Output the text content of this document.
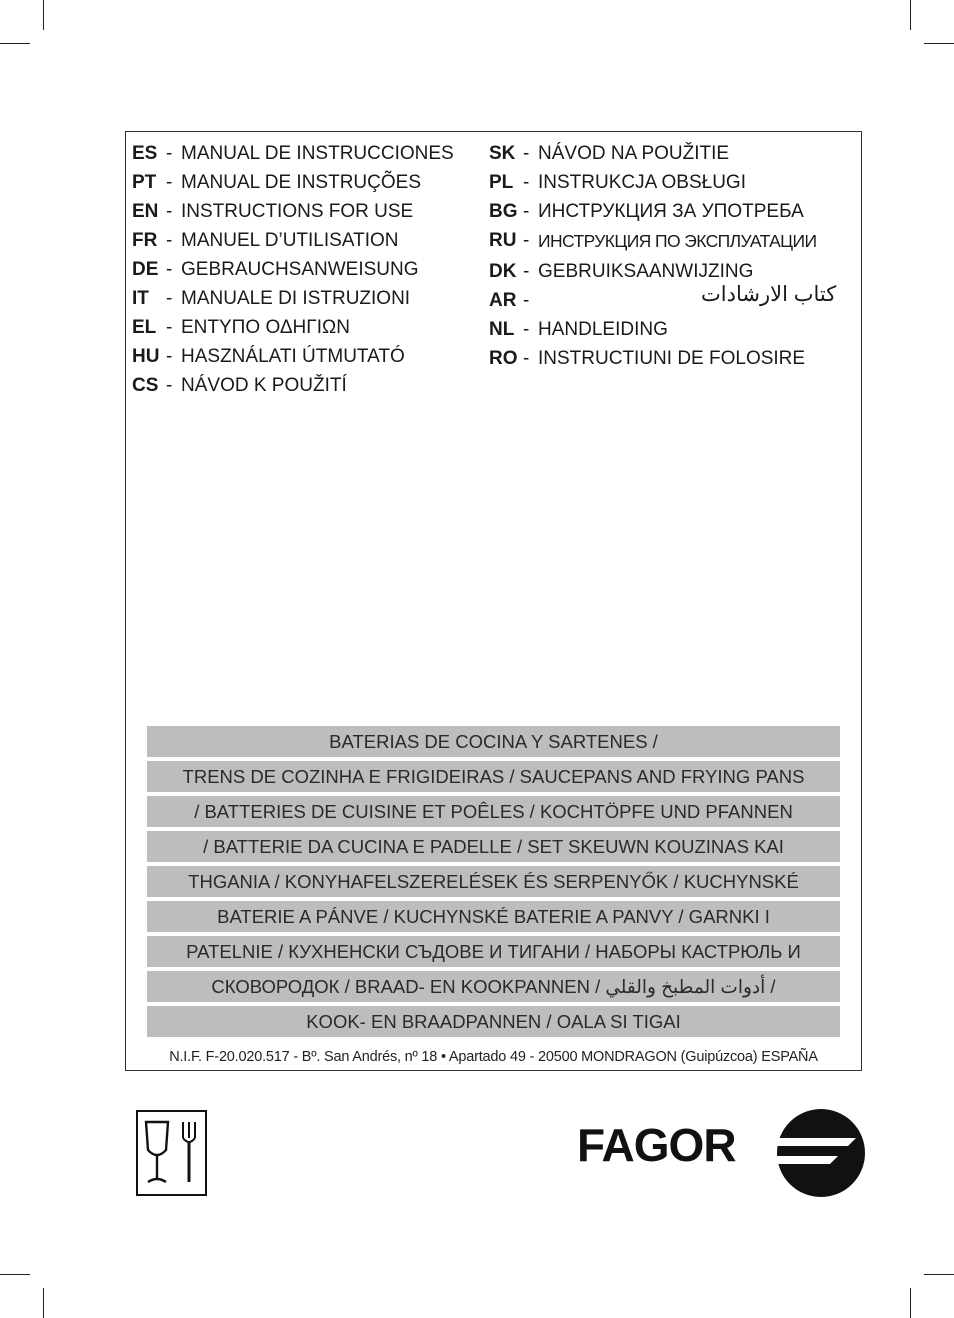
ES - MANUAL DE INSTRUCCIONES
PT - MANUAL DE INSTRUÇÕES
EN - INSTRUCTIONS FOR USE
FR - MANUEL D’UTILISATION
DE - GEBRAUCHSANWEISUNG
IT - MANUALE DI ISTRUZIONI
EL - ΕΝΤΥΠΟ ΟΔΗΓΙΩΝ
HU - HASZNÁLATI ÚTMUTATÓ
CS - NÁVOD K POUŽITÍ
SK - NÁVOD NA POUŽITIE
PL - INSTRUKCJA OBSŁUGI
BG - ИНСТРУКЦИЯ ЗА УПОТРЕБА
RU - ИНСТРУКЦИЯ ПО ЭКСПЛУАТАЦИИ
DK - GEBRUIKSAANWIJZING
AR -	كتاب الارشادات
NL - HANDLEIDING
RO - INSTRUCTIUNI DE FOLOSIRE
BATERIAS DE COCINA Y SARTENES /
TRENS DE COZINHA E FRIGIDEIRAS / SAUCEPANS AND FRYING PANS
/ BATTERIES DE CUISINE ET POÊLES / KOCHTÖPFE UND PFANNEN
/ BATTERIE DA CUCINA E PADELLE / SET SKEUWN KOUZINAS KAI
THGANIA / KONYHAFELSZERELÉSEK ÉS SERPENYŐK / KUCHYNSKÉ
BATERIE A PÁNVE / KUCHYNSKÉ BATERIE A PANVY / GARNKI I
PATELNIE / КУХНЕНСКИ СЪДОВЕ И ТИГАНИ / НАБОРЫ КАСТРЮЛЬ И
СКОВОРОДОК / BRAAD- EN KOOKPANNEN / أدوات المطبخ والقلي /
KOOK- EN BRAADPANNEN / OALA SI TIGAI
N.I.F. F-20.020.517 - Bº. San Andrés, nº 18 • Apartado 49 - 20500 MONDRAGON (Guipúzcoa) ESPAÑA
FAGOR
